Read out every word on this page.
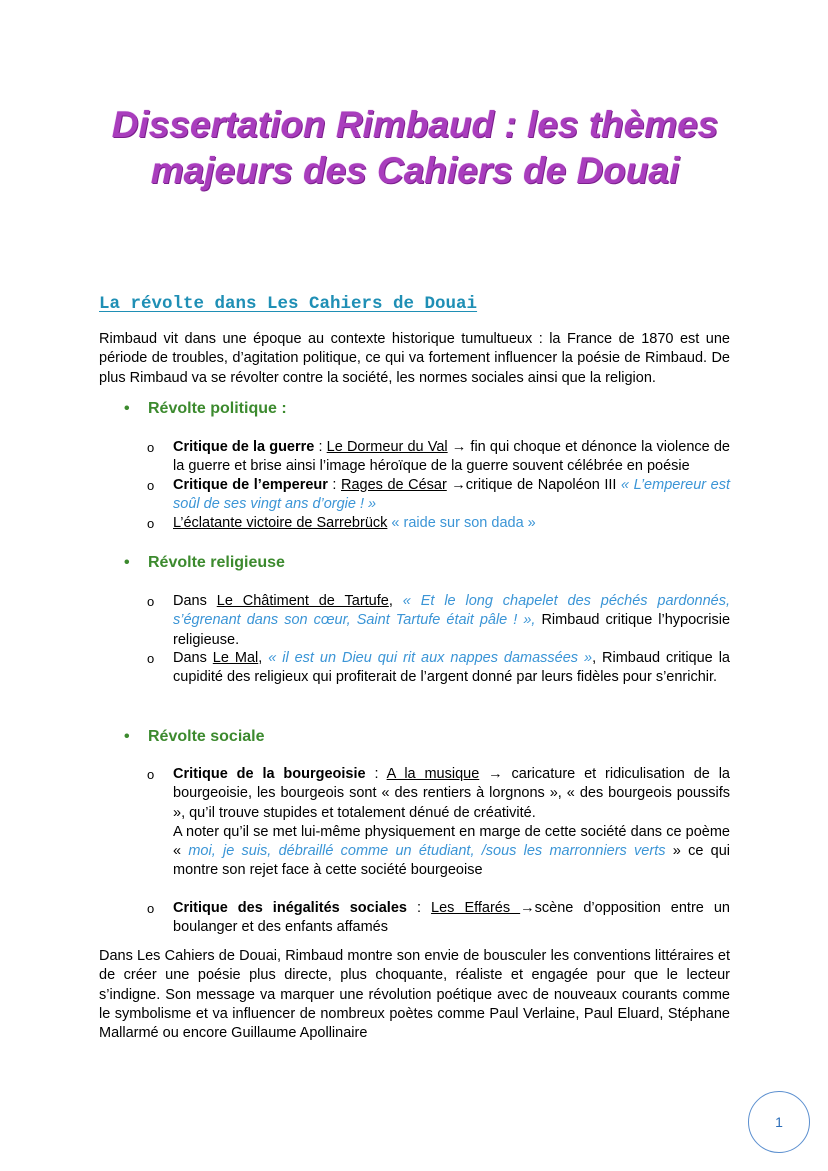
Dissertation Rimbaud : les thèmes majeurs des Cahiers de Douai
La révolte dans Les Cahiers de Douai

Rimbaud vit dans une époque au contexte historique tumultueux : la France de 1870 est une période de troubles, d’agitation politique, ce qui va fortement influencer la poésie de Rimbaud. De plus Rimbaud va se révolter contre la société, les normes sociales ainsi que la religion.

• Révolte politique :
o Critique de la guerre : Le Dormeur du Val → fin qui choque et dénonce la violence de la guerre et brise ainsi l’image héroïque de la guerre souvent célébrée en poésie
o Critique de l’empereur : Rages de César →critique de Napoléon III « L’empereur est soûl de ses vingt ans d’orgie ! »
o L’éclatante victoire de Sarrebrück « raide sur son dada »
• Révolte religieuse
o Dans Le Châtiment de Tartufe, « Et le long chapelet des péchés pardonnés, s’égrenant dans son cœur, Saint Tartufe était pâle ! », Rimbaud critique l’hypocrisie religieuse.
o Dans Le Mal, « il est un Dieu qui rit aux nappes damassées », Rimbaud critique la cupidité des religieux qui profiterait de l’argent donné par leurs fidèles pour s’enrichir.
• Révolte sociale
o Critique de la bourgeoisie : A la musique → caricature et ridiculisation de la bourgeoisie, les bourgeois sont « des rentiers à lorgnons », « des bourgeois poussifs », qu’il trouve stupides et totalement dénué de créativité.
A noter qu’il se met lui-même physiquement en marge de cette société dans ce poème « moi, je suis, débraillé comme un étudiant, /sous les marronniers verts » ce qui montre son rejet face à cette société bourgeoise
o Critique des inégalités sociales : Les Effarés →scène d’opposition entre un boulanger et des enfants affamés

Dans Les Cahiers de Douai, Rimbaud montre son envie de bousculer les conventions littéraires et de créer une poésie plus directe, plus choquante, réaliste et engagée pour que le lecteur s’indigne. Son message va marquer une révolution poétique avec de nouveaux courants comme le symbolisme et va influencer de nombreux poètes comme Paul Verlaine, Paul Eluard, Stéphane Mallarmé ou encore Guillaume Apollinaire

1
